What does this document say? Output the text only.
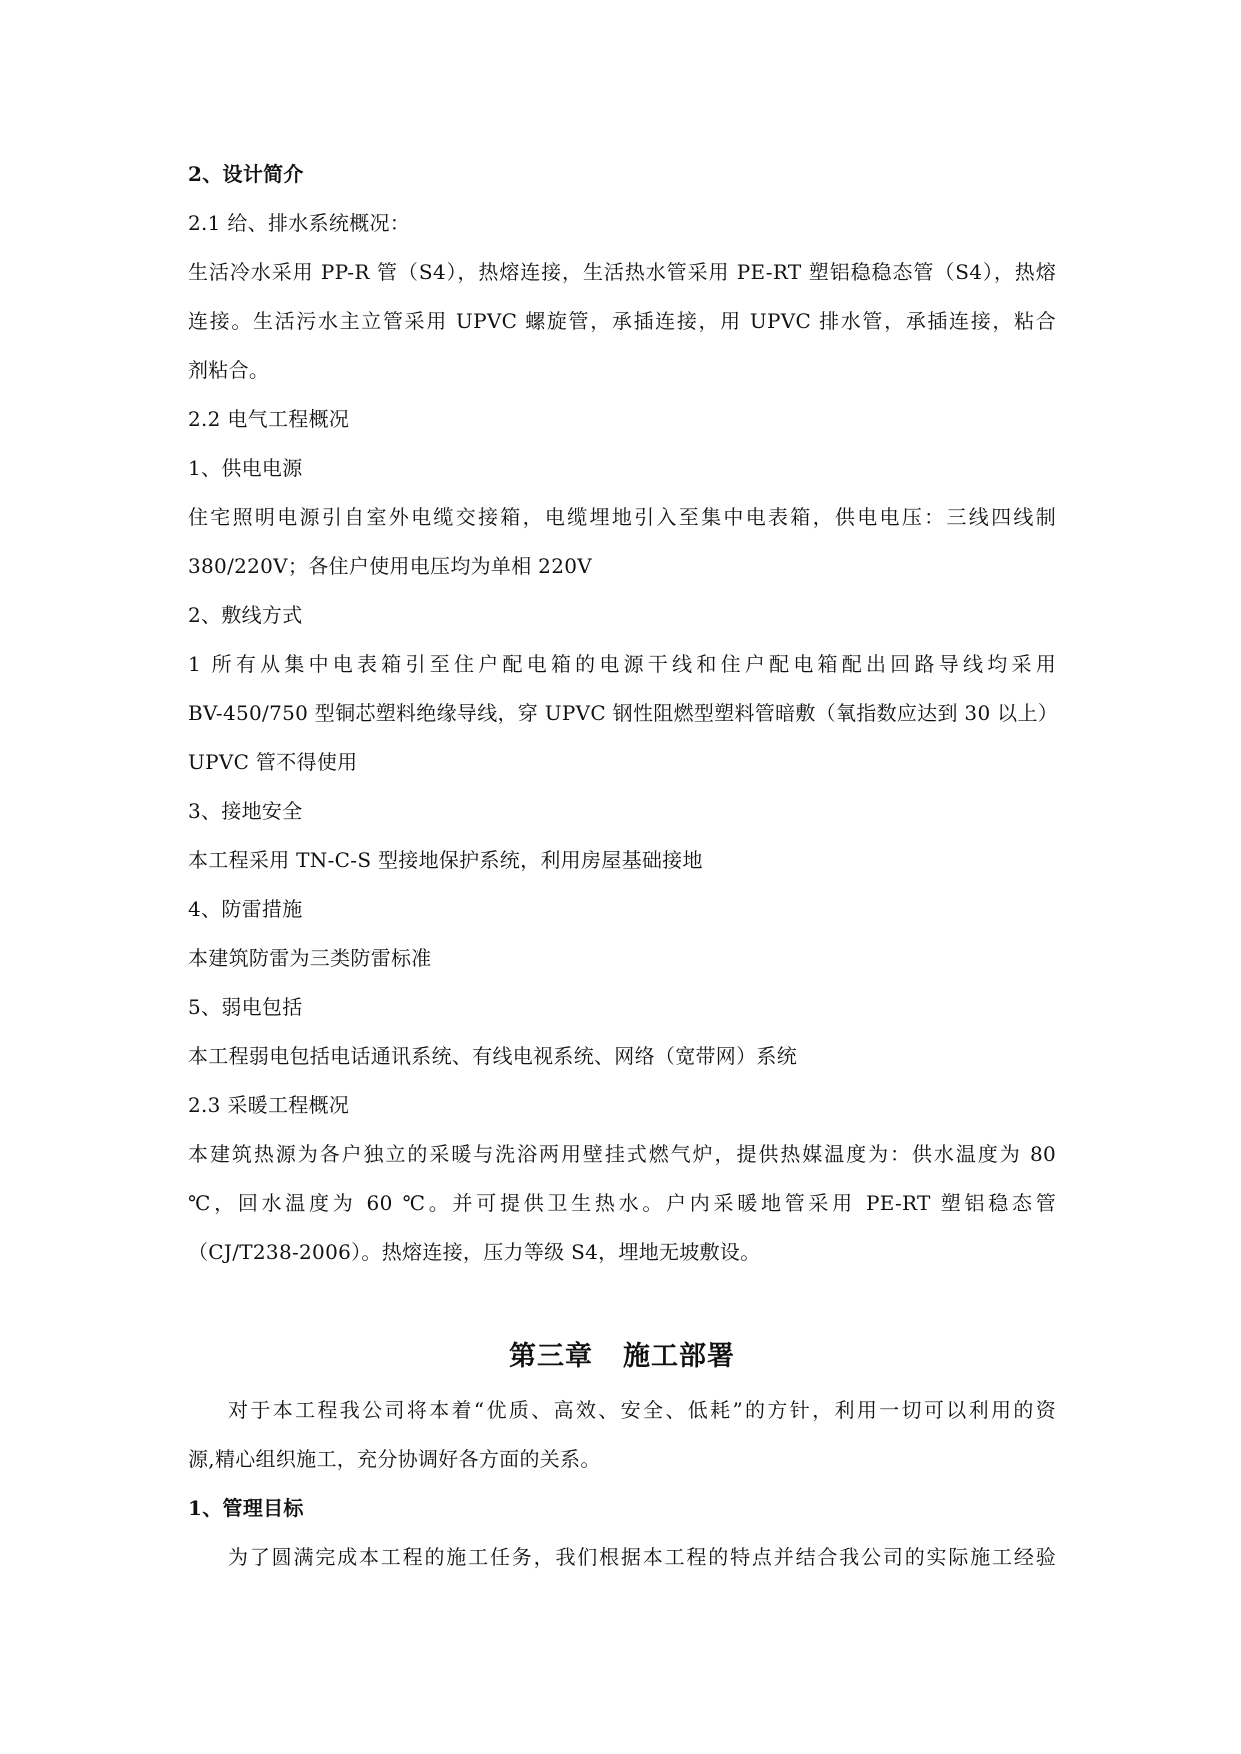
2、设计简介
2.1 给、排水系统概况：
生活冷水采用 PP-R 管（S4），热熔连接，生活热水管采用 PE-RT 塑铝稳稳态管（S4），热熔
连接。生活污水主立管采用 UPVC 螺旋管，承插连接，用 UPVC 排水管，承插连接，粘合
剂粘合。
2.2 电气工程概况
1、供电电源
住宅照明电源引自室外电缆交接箱，电缆埋地引入至集中电表箱，供电电压：三线四线制
380/220V；各住户使用电压均为单相 220V
2、敷线方式
1 所有从集中电表箱引至住户配电箱的电源干线和住户配电箱配出回路导线均采用
BV-450/750 型铜芯塑料绝缘导线，穿 UPVC 钢性阻燃型塑料管暗敷（氧指数应达到 30 以上）
UPVC 管不得使用
3、接地安全
本工程采用 TN-C-S 型接地保护系统，利用房屋基础接地
4、防雷措施
本建筑防雷为三类防雷标准
5、弱电包括
本工程弱电包括电话通讯系统、有线电视系统、网络（宽带网）系统
2.3 采暖工程概况
本建筑热源为各户独立的采暖与洗浴两用壁挂式燃气炉，提供热媒温度为：供水温度为 80
℃，回水温度为 60 ℃。并可提供卫生热水。户内采暖地管采用 PE-RT 塑铝稳态管
（CJ/T238-2006）。热熔连接，压力等级 S4，埋地无坡敷设。
第三章 施工部署
对于本工程我公司将本着“优质、高效、安全、低耗”的方针，利用一切可以利用的资
源,精心组织施工，充分协调好各方面的关系。
1、管理目标
为了圆满完成本工程的施工任务，我们根据本工程的特点并结合我公司的实际施工经验
